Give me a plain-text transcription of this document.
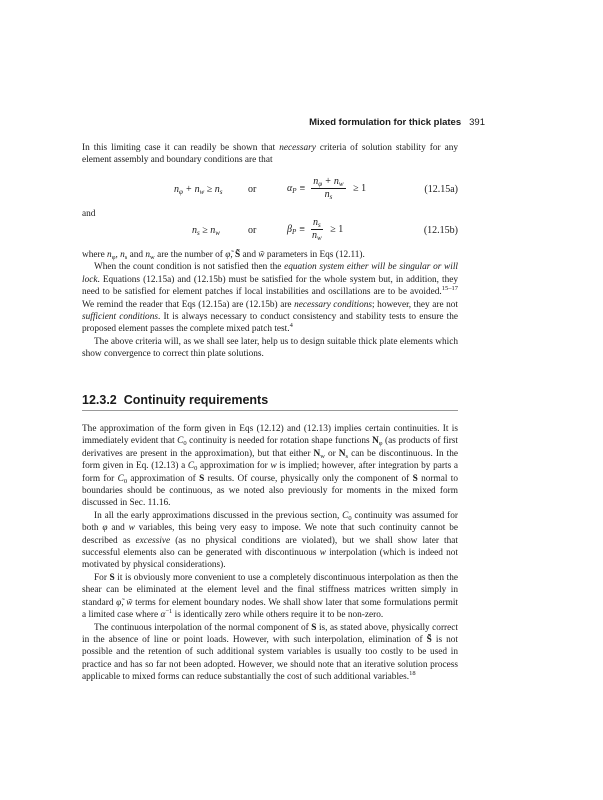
Mixed formulation for thick plates 391

In this limiting case it can readily be shown that necessary criteria of solution stability for any element assembly and boundary conditions are that

$n_\varphi + n_w \ge n_s$	or	$\alpha_P \equiv \frac{n_\varphi + n_w}{n_s} \ge 1$	(12.15a)
and
$n_s \ge n_w$	or	$\beta_P \equiv \frac{n_s}{n_w} \ge 1$	(12.15b)

where $n_\varphi$, $n_s$ and $n_w$ are the number of φ̃, S̃ and w̃ parameters in Eqs (12.11).

When the count condition is not satisfied then the equation system either will be singular or will lock. Equations (12.15a) and (12.15b) must be satisfied for the whole system but, in addition, they need to be satisfied for element patches if local instabilities and oscillations are to be avoided.$^{15-17}$ We remind the reader that Eqs (12.15a) are (12.15b) are necessary conditions; however, they are not sufficient conditions. It is always necessary to conduct consistency and stability tests to ensure the proposed element passes the complete mixed patch test.$^4$

The above criteria will, as we shall see later, help us to design suitable thick plate elements which show convergence to correct thin plate solutions.

12.3.2 Continuity requirements

The approximation of the form given in Eqs (12.12) and (12.13) implies certain continuities. It is immediately evident that $C_0$ continuity is needed for rotation shape functions $N_\varphi$ (as products of first derivatives are present in the approximation), but that either $N_w$ or $N_s$ can be discontinuous. In the form given in Eq. (12.13) a $C_0$ approximation for w is implied; however, after integration by parts a form for $C_0$ approximation of S results. Of course, physically only the component of S normal to boundaries should be continuous, as we noted also previously for moments in the mixed form discussed in Sec. 11.16.

In all the early approximations discussed in the previous section, $C_0$ continuity was assumed for both φ and w variables, this being very easy to impose. We note that such continuity cannot be described as excessive (as no physical conditions are violated), but we shall show later that successful elements also can be generated with discontinuous w interpolation (which is indeed not motivated by physical considerations).

For S it is obviously more convenient to use a completely discontinuous interpolation as then the shear can be eliminated at the element level and the final stiffness matrices written simply in standard φ̃, w̃ terms for element boundary nodes. We shall show later that some formulations permit a limited case where $\alpha^{-1}$ is identically zero while others require it to be non-zero.

The continuous interpolation of the normal component of S is, as stated above, physically correct in the absence of line or point loads. However, with such interpolation, elimination of S̃ is not possible and the retention of such additional system variables is usually too costly to be used in practice and has so far not been adopted. However, we should note that an iterative solution process applicable to mixed forms can reduce substantially the cost of such additional variables.$^{18}$
